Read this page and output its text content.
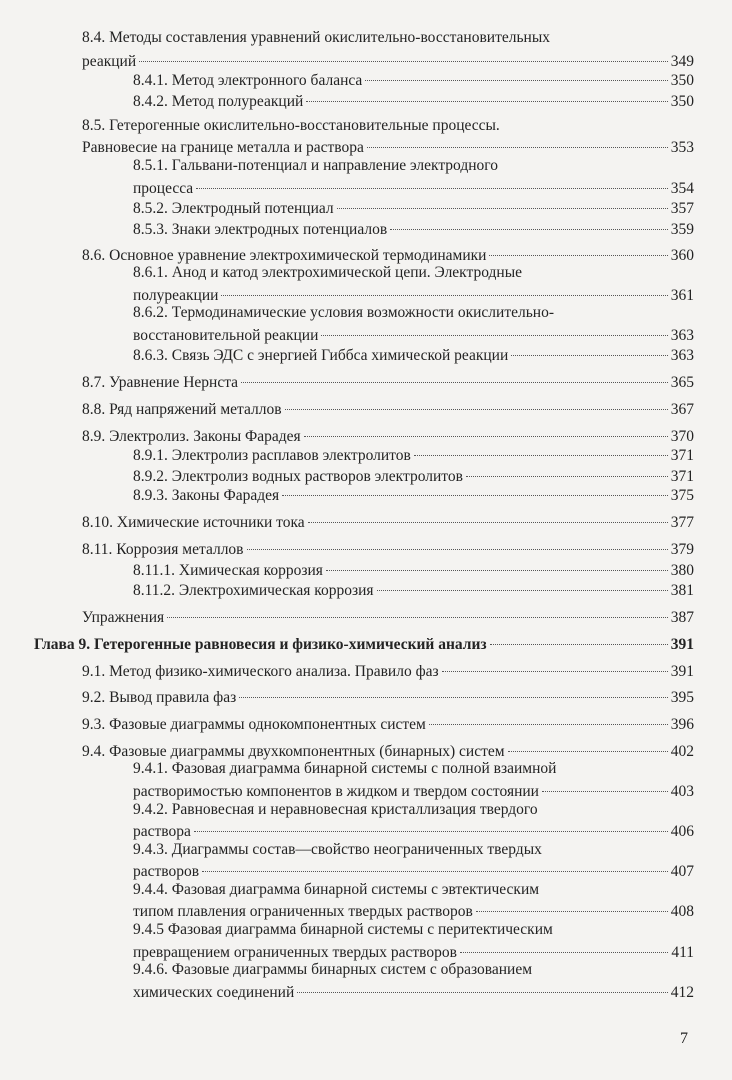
8.4. Методы составления уравнений окислительно-восстановительных
реакций	349
8.4.1. Метод электронного баланса	350
8.4.2. Метод полуреакций	350
8.5. Гетерогенные окислительно-восстановительные процессы.
Равновесие на границе металла и раствора	353
8.5.1. Гальвани-потенциал и направление электродного
процесса	354
8.5.2. Электродный потенциал	357
8.5.3. Знаки электродных потенциалов	359
8.6. Основное уравнение электрохимической термодинамики	360
8.6.1. Анод и катод электрохимической цепи. Электродные
полуреакции	361
8.6.2. Термодинамические условия возможности окислительно-
восстановительной реакции	363
8.6.3. Связь ЭДС с энергией Гиббса химической реакции	363
8.7. Уравнение Нернста	365
8.8. Ряд напряжений металлов	367
8.9. Электролиз. Законы Фарадея	370
8.9.1. Электролиз расплавов электролитов	371
8.9.2. Электролиз водных растворов электролитов	371
8.9.3. Законы Фарадея	375
8.10. Химические источники тока	377
8.11. Коррозия металлов	379
8.11.1. Химическая коррозия	380
8.11.2. Электрохимическая коррозия	381
Упражнения	387
Глава 9. Гетерогенные равновесия и физико-химический анализ	391
9.1. Метод физико-химического анализа. Правило фаз	391
9.2. Вывод правила фаз	395
9.3. Фазовые диаграммы однокомпонентных систем	396
9.4. Фазовые диаграммы двухкомпонентных (бинарных) систем	402
9.4.1. Фазовая диаграмма бинарной системы с полной взаимной
растворимостью компонентов в жидком и твердом состоянии	403
9.4.2. Равновесная и неравновесная кристаллизация твердого
раствора	406
9.4.3. Диаграммы состав—свойство неограниченных твердых
растворов	407
9.4.4. Фазовая диаграмма бинарной системы с эвтектическим
типом плавления ограниченных твердых растворов	408
9.4.5 Фазовая диаграмма бинарной системы с перитектическим
превращением ограниченных твердых растворов	411
9.4.6. Фазовые диаграммы бинарных систем с образованием
химических соединений	412
7
